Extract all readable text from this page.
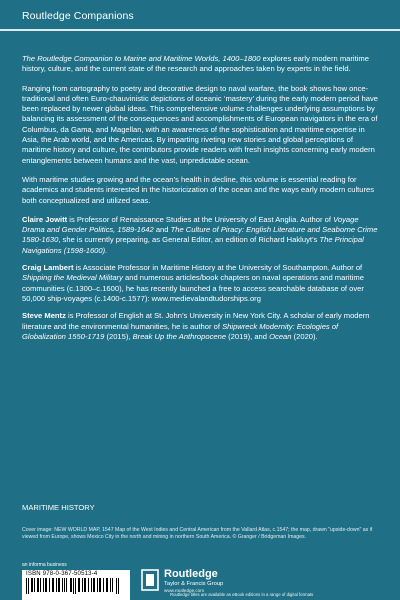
Routledge Companions

The Routledge Companion to Marine and Maritime Worlds, 1400–1800 explores early modern maritime history, culture, and the current state of the research and approaches taken by experts in the field.

Ranging from cartography to poetry and decorative design to naval warfare, the book shows how once-traditional and often Euro-chauvinistic depictions of oceanic ‘mastery’ during the early modern period have been replaced by newer global ideas. This comprehensive volume challenges underlying assumptions by balancing its assessment of the consequences and accomplishments of European navigators in the era of Columbus, da Gama, and Magellan, with an awareness of the sophistication and maritime expertise in Asia, the Arab world, and the Americas. By imparting riveting new stories and global perceptions of maritime history and culture, the contributors provide readers with fresh insights concerning early modern entanglements between humans and the vast, unpredictable ocean.

With maritime studies growing and the ocean’s health in decline, this volume is essential reading for academics and students interested in the historicization of the ocean and the ways early modern cultures both conceptualized and utilized seas.

Claire Jowitt is Professor of Renaissance Studies at the University of East Anglia. Author of Voyage Drama and Gender Politics, 1589-1642 and The Culture of Piracy: English Literature and Seaborne Crime 1580-1630, she is currently preparing, as General Editor, an edition of Richard Hakluyt’s The Principal Navigations (1598-1600).

Craig Lambert is Associate Professor in Maritime History at the University of Southampton. Author of Shipping the Medieval Military and numerous articles/book chapters on naval operations and maritime communities (c.1300–c.1600), he has recently launched a free to access searchable database of over 50,000 ship-voyages (c.1400-c.1577): www.medievalandtudorships.org

Steve Mentz is Professor of English at St. John’s University in New York City. A scholar of early modern literature and the environmental humanities, he is author of Shipwreck Modernity: Ecologies of Globalization 1550-1719 (2015), Break Up the Anthropocene (2019), and Ocean (2020).

MARITIME HISTORY
Cover image: NEW WORLD MAP, 1547 Map of the West Indies and Central American from the Vallard Atlas, c.1547; the map, drawn "upside-down" as if viewed from Europe, shows Mexico City in the north and mining in northern South America. © Granger / Bridgeman Images.
an informa business
ISBN 978-0-367-50513-4	Routledge
Taylor & Francis Group
www.routledge.com
Routledge titles are available as eBook editions in a range of digital formats
